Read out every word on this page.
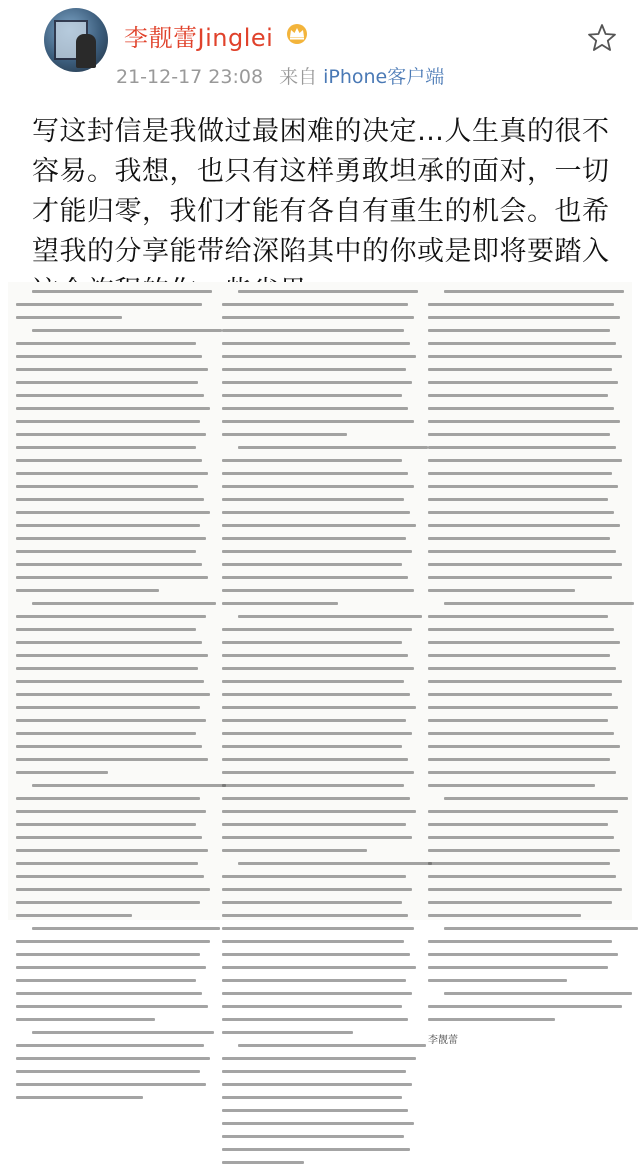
李靓蕾Jinglei
21-12-17 23:08 来自 iPhone客户端
写这封信是我做过最困难的决定…人生真的很不容易。我想，也只有这样勇敢坦承的面对，一切才能归零，我们才能有各自有重生的机会。也希望我的分享能带给深陷其中的你或是即将要踏入
李靓蕾
